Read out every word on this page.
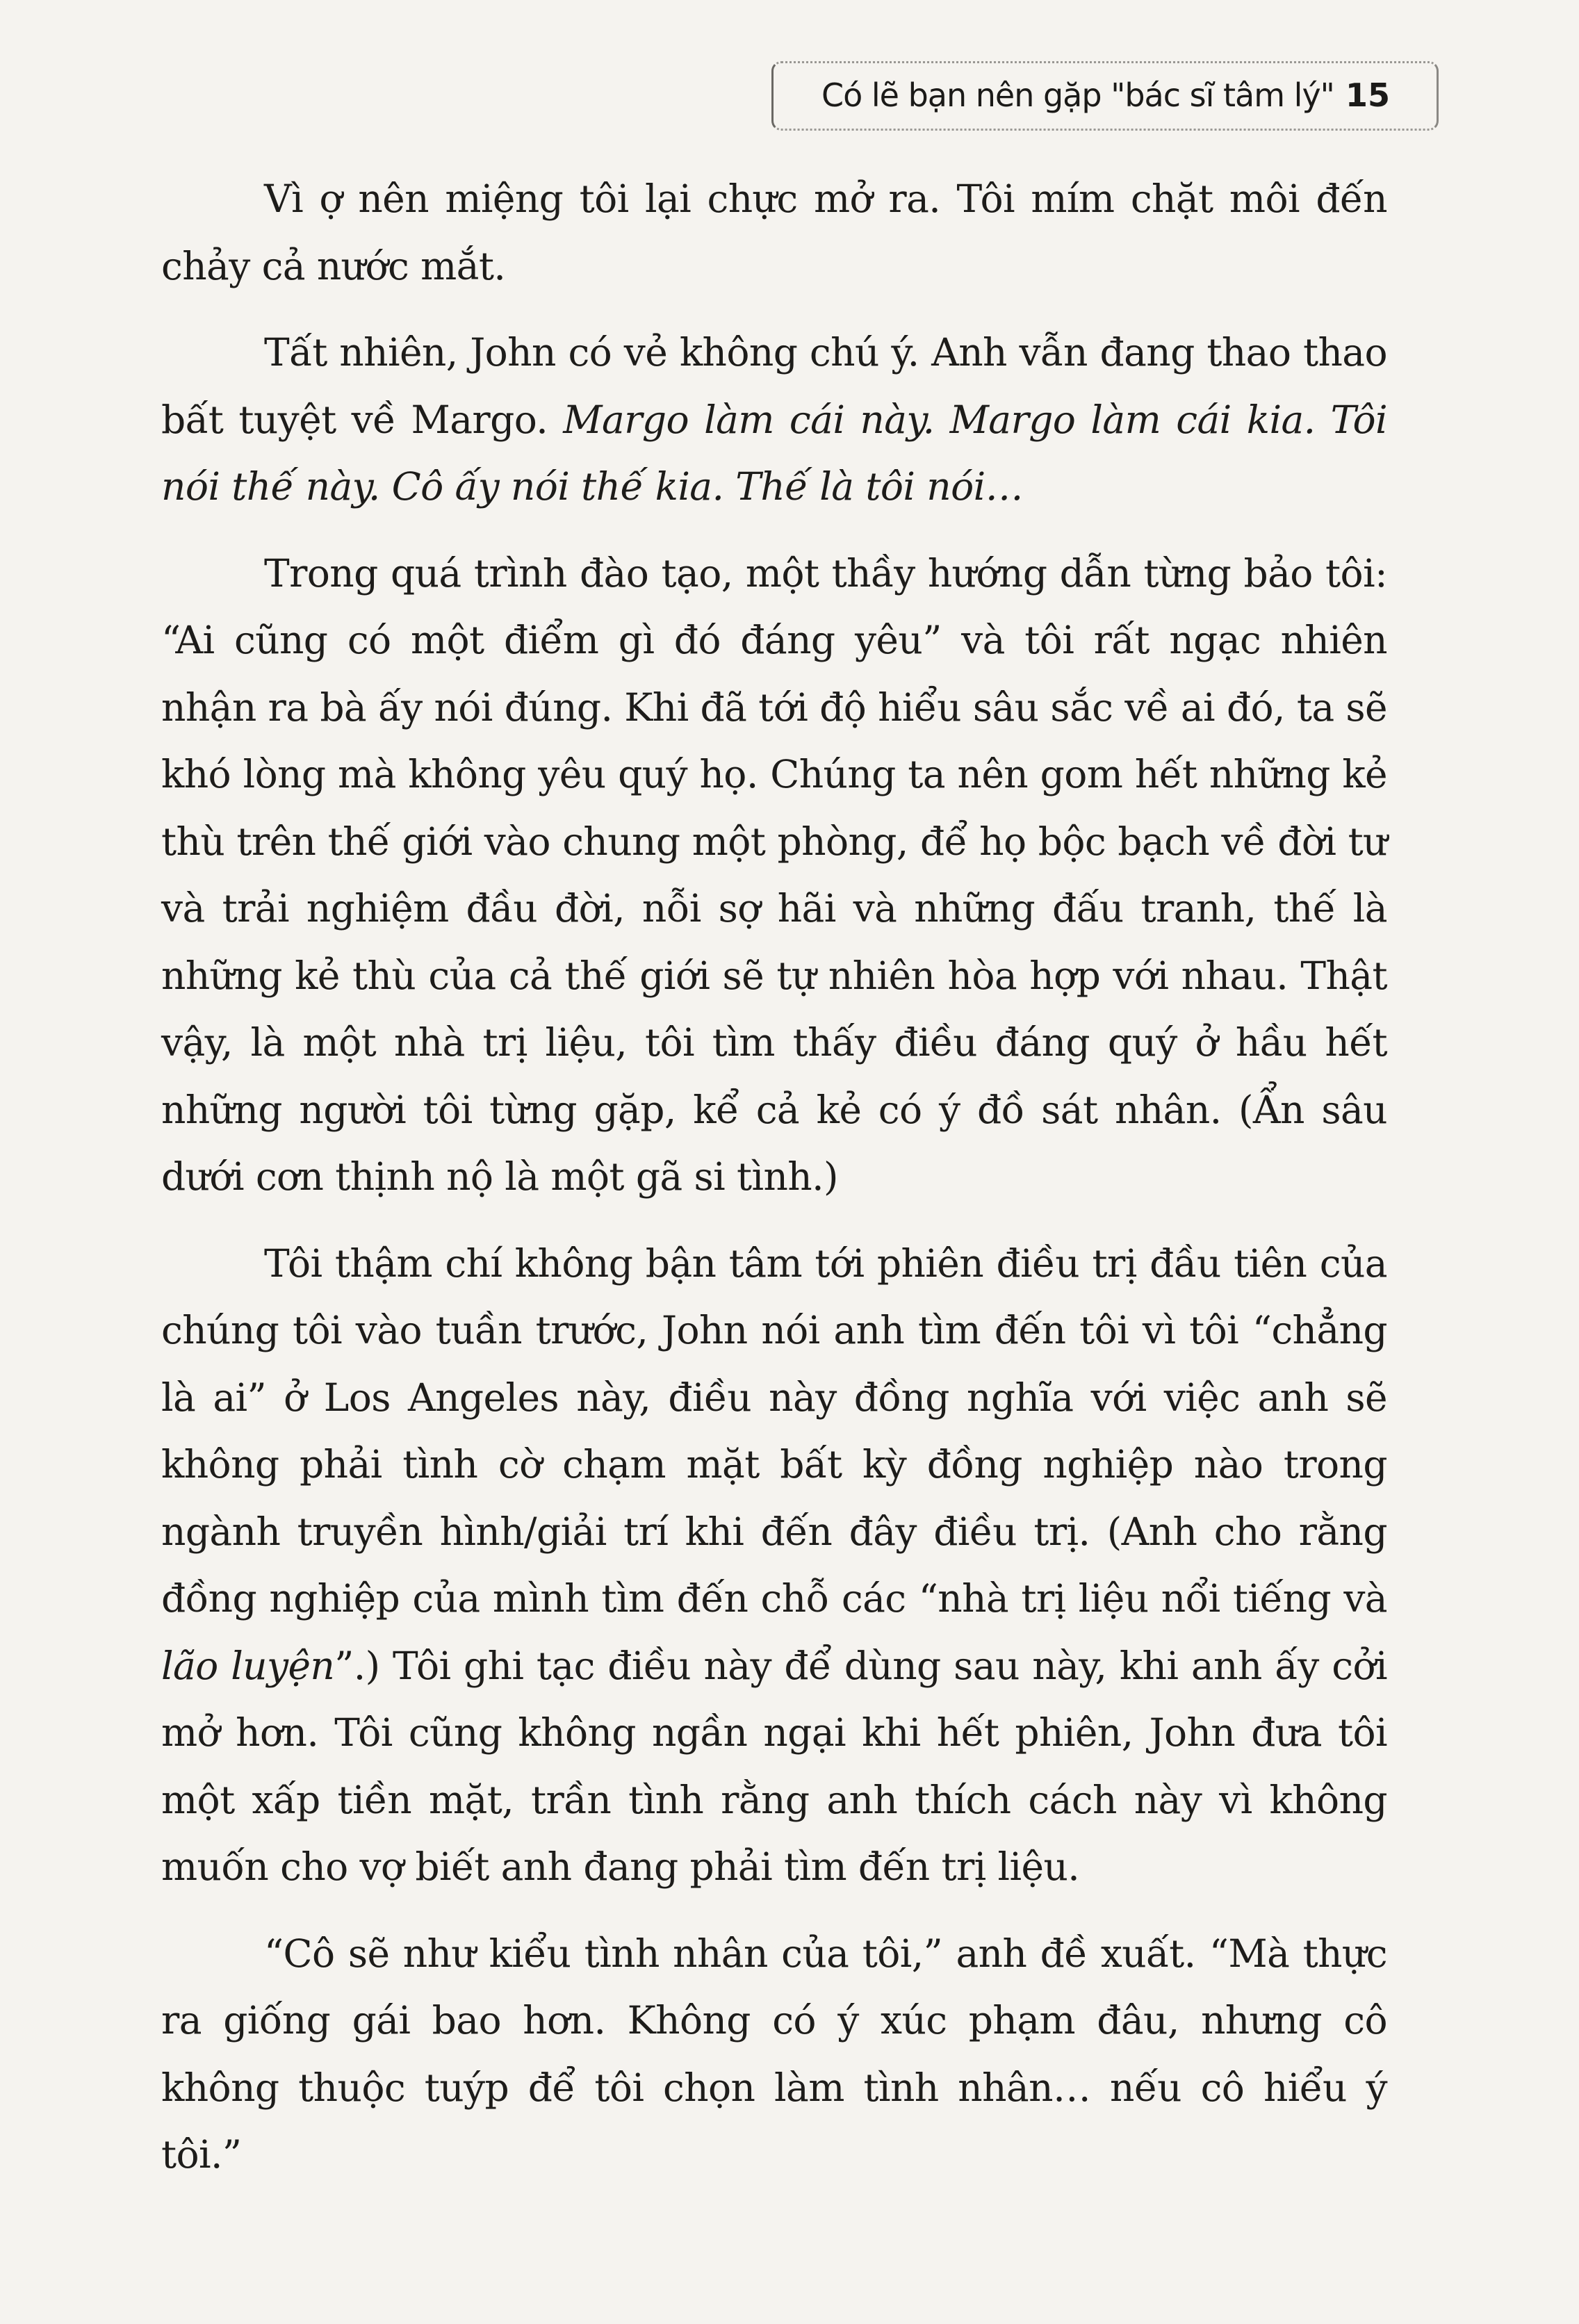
Có lẽ bạn nên gặp "bác sĩ tâm lý" 15

Vì ợ nên miệng tôi lại chực mở ra. Tôi mím chặt môi đến chảy cả nước mắt.

Tất nhiên, John có vẻ không chú ý. Anh vẫn đang thao thao bất tuyệt về Margo. Margo làm cái này. Margo làm cái kia. Tôi nói thế này. Cô ấy nói thế kia. Thế là tôi nói…

Trong quá trình đào tạo, một thầy hướng dẫn từng bảo tôi: “Ai cũng có một điểm gì đó đáng yêu” và tôi rất ngạc nhiên nhận ra bà ấy nói đúng. Khi đã tới độ hiểu sâu sắc về ai đó, ta sẽ khó lòng mà không yêu quý họ. Chúng ta nên gom hết những kẻ thù trên thế giới vào chung một phòng, để họ bộc bạch về đời tư và trải nghiệm đầu đời, nỗi sợ hãi và những đấu tranh, thế là những kẻ thù của cả thế giới sẽ tự nhiên hòa hợp với nhau. Thật vậy, là một nhà trị liệu, tôi tìm thấy điều đáng quý ở hầu hết những người tôi từng gặp, kể cả kẻ có ý đồ sát nhân. (Ẩn sâu dưới cơn thịnh nộ là một gã si tình.)

Tôi thậm chí không bận tâm tới phiên điều trị đầu tiên của chúng tôi vào tuần trước, John nói anh tìm đến tôi vì tôi “chẳng là ai” ở Los Angeles này, điều này đồng nghĩa với việc anh sẽ không phải tình cờ chạm mặt bất kỳ đồng nghiệp nào trong ngành truyền hình/giải trí khi đến đây điều trị. (Anh cho rằng đồng nghiệp của mình tìm đến chỗ các “nhà trị liệu nổi tiếng và lão luyện”.) Tôi ghi tạc điều này để dùng sau này, khi anh ấy cởi mở hơn. Tôi cũng không ngần ngại khi hết phiên, John đưa tôi một xấp tiền mặt, trần tình rằng anh thích cách này vì không muốn cho vợ biết anh đang phải tìm đến trị liệu.

“Cô sẽ như kiểu tình nhân của tôi,” anh đề xuất. “Mà thực ra giống gái bao hơn. Không có ý xúc phạm đâu, nhưng cô không thuộc tuýp để tôi chọn làm tình nhân… nếu cô hiểu ý tôi.”
